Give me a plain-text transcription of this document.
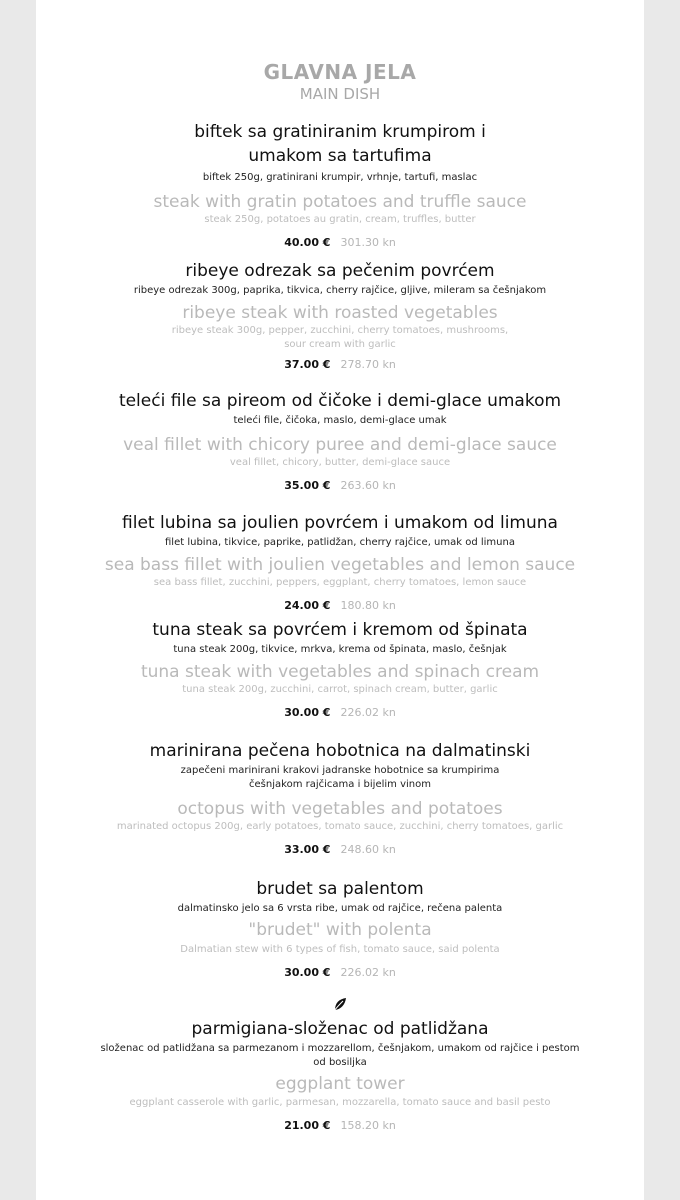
GLAVNA JELA
MAIN DISH
biftek sa gratiniranim krumpirom i umakom sa tartufima
biftek 250g, gratinirani krumpir, vrhnje, tartufi, maslac
steak with gratin potatoes and truffle sauce
steak 250g, potatoes au gratin, cream, truffles, butter
40.00 € 301.30 kn
ribeye odrezak sa pečenim povrćem
ribeye odrezak 300g, paprika, tikvica, cherry rajčice, gljive, mileram sa češnjakom
ribeye steak with roasted vegetables
ribeye steak 300g, pepper, zucchini, cherry tomatoes, mushrooms, sour cream with garlic
37.00 € 278.70 kn
teleći file sa pireom od čičoke i demi-glace umakom
teleći file, čičoka, maslo, demi-glace umak
veal fillet with chicory puree and demi-glace sauce
veal fillet, chicory, butter, demi-glace sauce
35.00 € 263.60 kn
filet lubina sa joulien povrćem i umakom od limuna
filet lubina, tikvice, paprike, patlidžan, cherry rajčice, umak od limuna
sea bass fillet with joulien vegetables and lemon sauce
sea bass fillet, zucchini, peppers, eggplant, cherry tomatoes, lemon sauce
24.00 € 180.80 kn
tuna steak sa povrćem i kremom od špinata
tuna steak 200g, tikvice, mrkva, krema od špinata, maslo, češnjak
tuna steak with vegetables and spinach cream
tuna steak 200g, zucchini, carrot, spinach cream, butter, garlic
30.00 € 226.02 kn
marinirana pečena hobotnica na dalmatinski
zapečeni marinirani krakovi jadranske hobotnice sa krumpirima češnjakom rajčicama i bijelim vinom
octopus with vegetables and potatoes
marinated octopus 200g, early potatoes, tomato sauce, zucchini, cherry tomatoes, garlic
33.00 € 248.60 kn
brudet sa palentom
dalmatinsko jelo sa 6 vrsta ribe, umak od rajčice, rečena palenta
"brudet" with polenta
Dalmatian stew with 6 types of fish, tomato sauce, said polenta
30.00 € 226.02 kn
parmigiana-složenac od patlidžana
složenac od patlidžana sa parmezanom i mozzarellom, češnjakom, umakom od rajčice i pestom od bosiljka
eggplant tower
eggplant casserole with garlic, parmesan, mozzarella, tomato sauce and basil pesto
21.00 € 158.20 kn
